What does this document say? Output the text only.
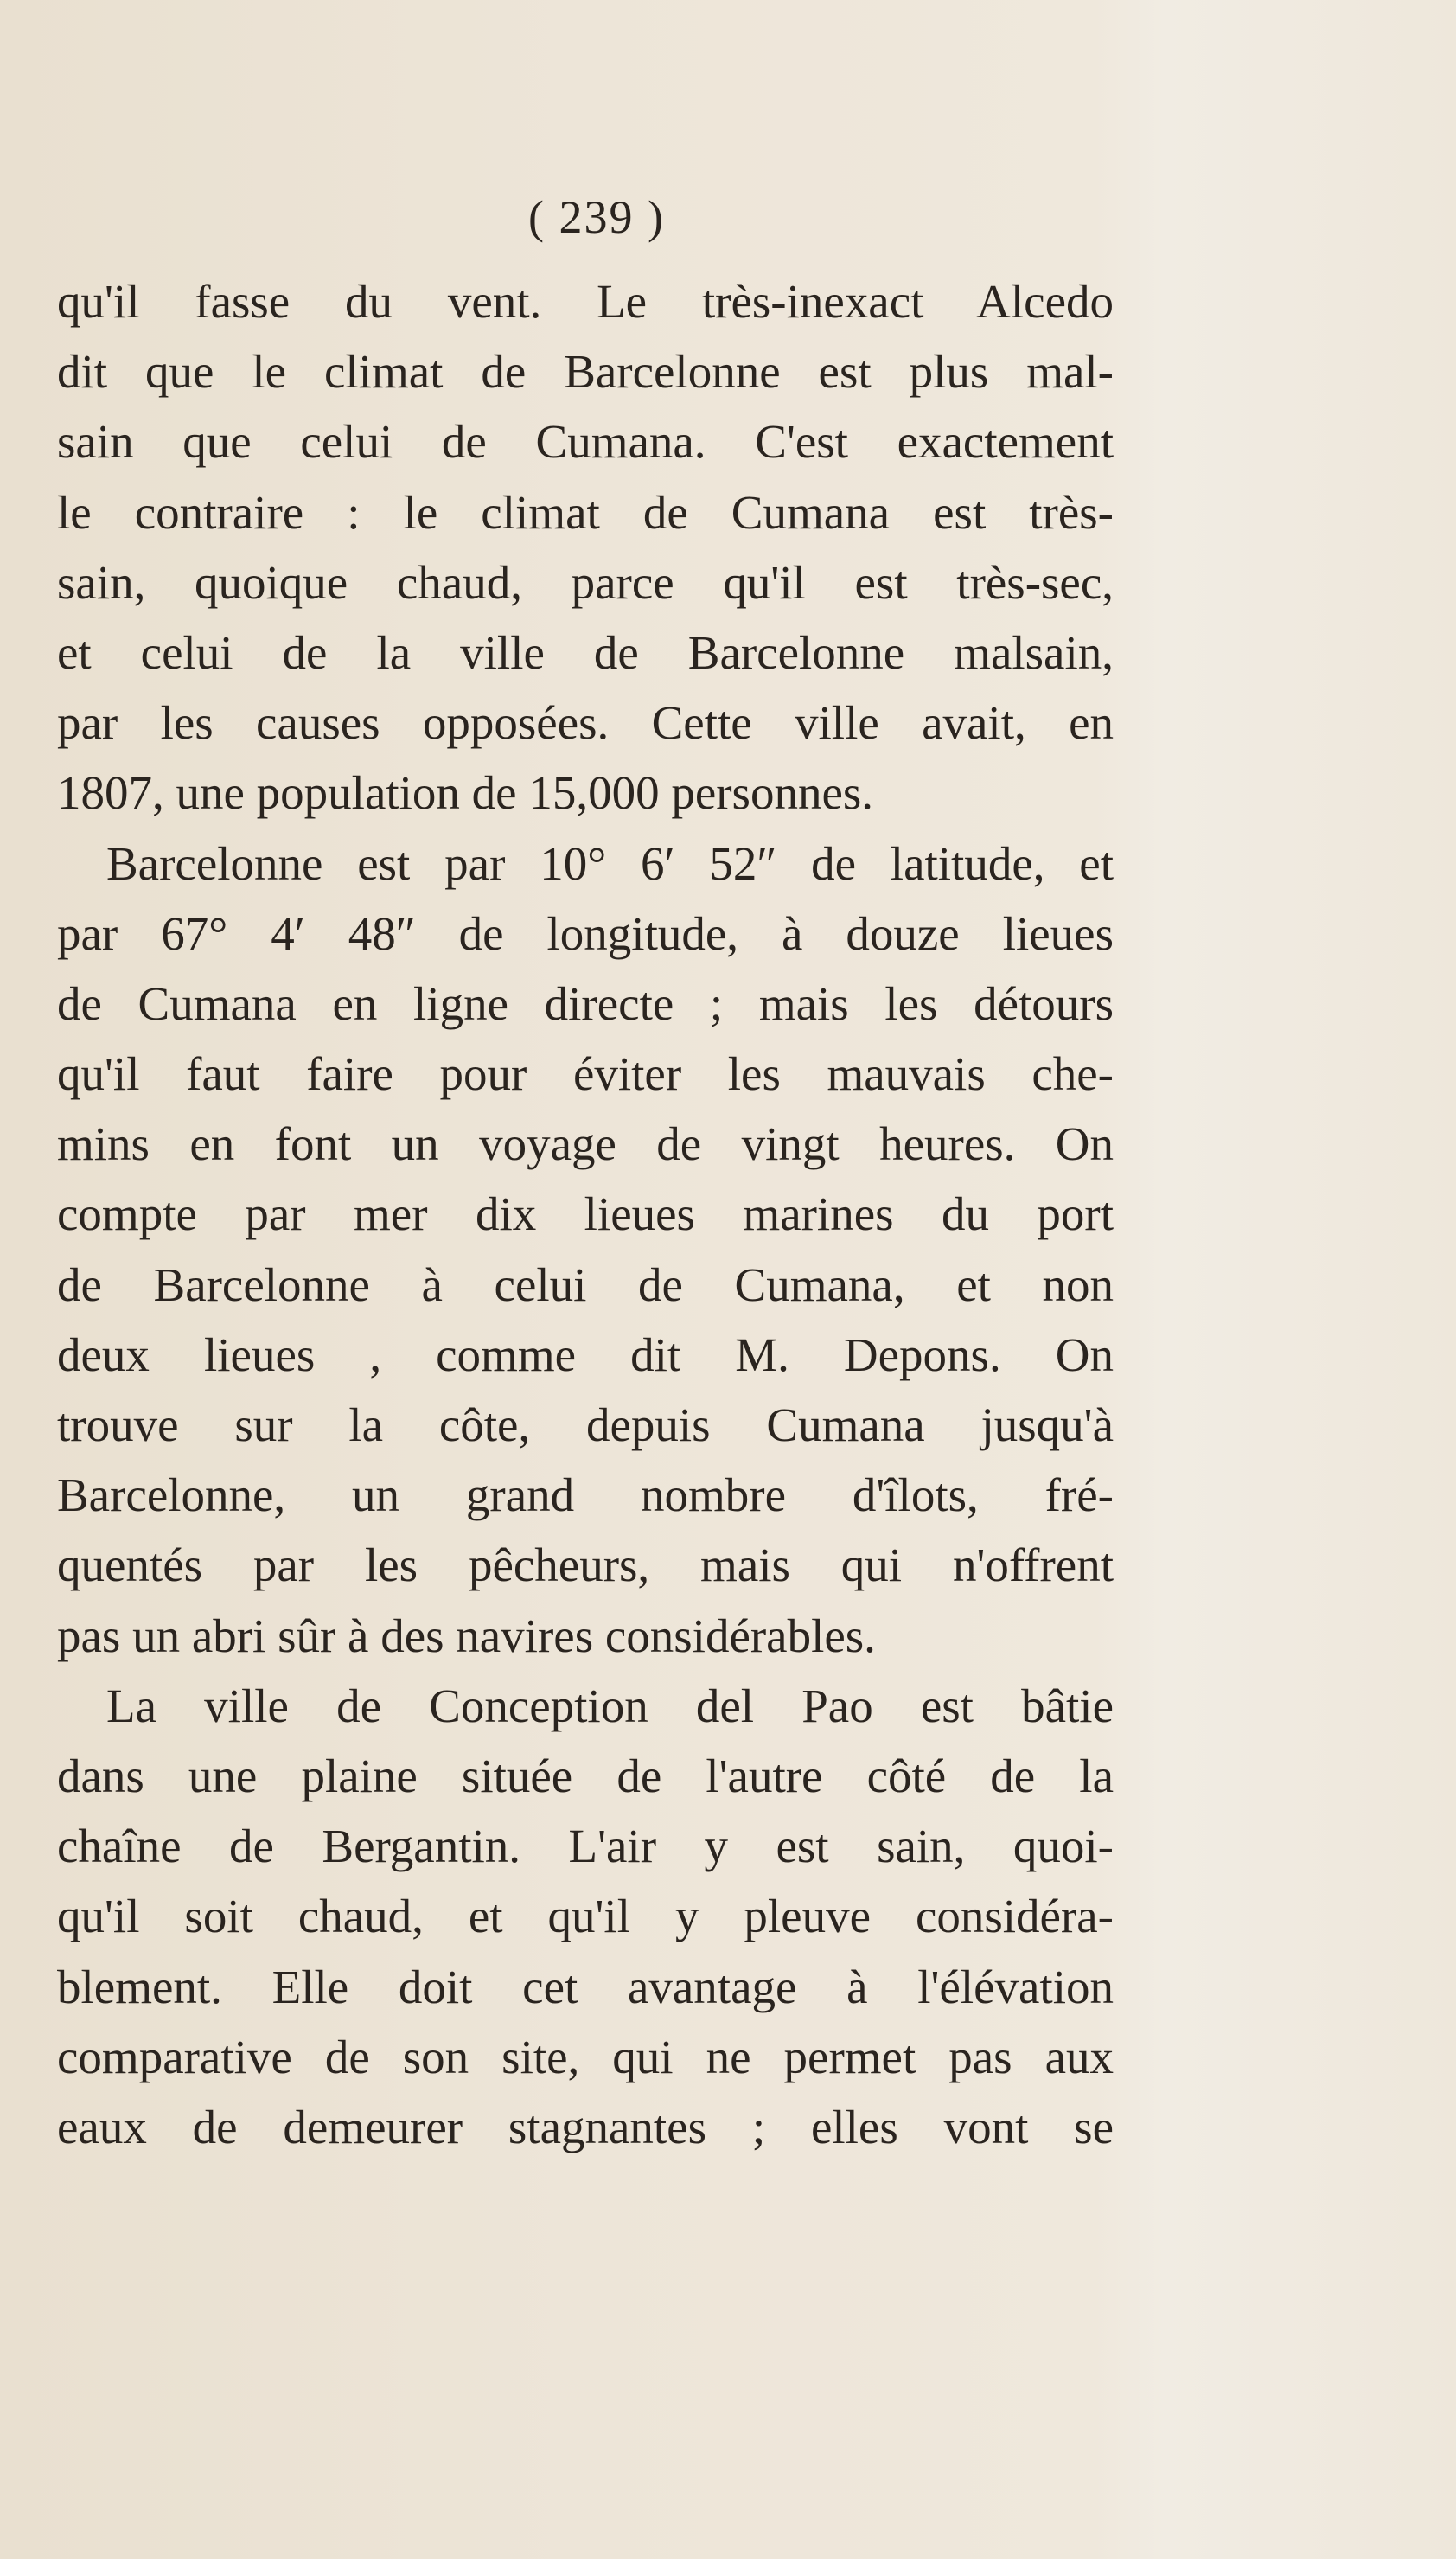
( 239 )
qu'il fasse du vent. Le très-inexact Alcedo
dit que le climat de Barcelonne est plus mal-
sain que celui de Cumana. C'est exactement
le contraire : le climat de Cumana est très-
sain, quoique chaud, parce qu'il est très-sec,
et celui de la ville de Barcelonne malsain,
par les causes opposées. Cette ville avait, en
1807, une population de 15,000 personnes.
Barcelonne est par 10° 6′ 52″ de latitude, et
par 67° 4′ 48″ de longitude, à douze lieues
de Cumana en ligne directe ; mais les détours
qu'il faut faire pour éviter les mauvais che-
mins en font un voyage de vingt heures. On
compte par mer dix lieues marines du port
de Barcelonne à celui de Cumana, et non
deux lieues , comme dit M. Depons. On
trouve sur la côte, depuis Cumana jusqu'à
Barcelonne, un grand nombre d'îlots, fré-
quentés par les pêcheurs, mais qui n'offrent
pas un abri sûr à des navires considérables.
La ville de Conception del Pao est bâtie
dans une plaine située de l'autre côté de la
chaîne de Bergantin. L'air y est sain, quoi-
qu'il soit chaud, et qu'il y pleuve considéra-
blement. Elle doit cet avantage à l'élévation
comparative de son site, qui ne permet pas aux
eaux de demeurer stagnantes ; elles vont se
